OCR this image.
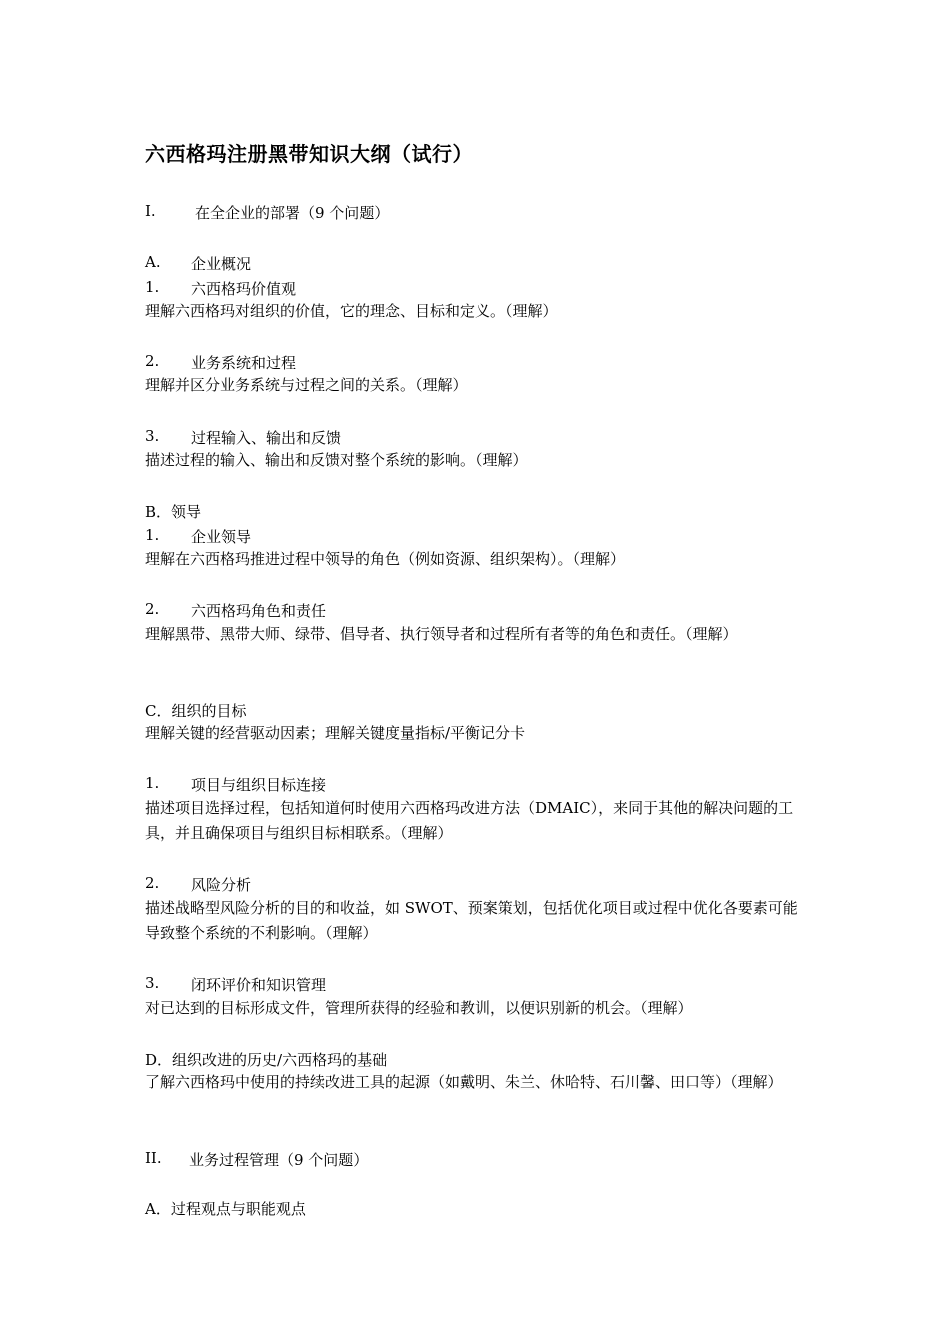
六西格玛注册黑带知识大纲（试行）
I.	在全企业的部署（9 个问题）
A. 企业概况
1. 六西格玛价值观
理解六西格玛对组织的价值，它的理念、目标和定义。（理解）
2. 业务系统和过程
理解并区分业务系统与过程之间的关系。（理解）
3. 过程输入、输出和反馈
描述过程的输入、输出和反馈对整个系统的影响。（理解）
B．领导
1. 企业领导
理解在六西格玛推进过程中领导的角色（例如资源、组织架构）。（理解）
2. 六西格玛角色和责任
理解黑带、黑带大师、绿带、倡导者、执行领导者和过程所有者等的角色和责任。（理解）
C．组织的目标
理解关键的经营驱动因素；理解关键度量指标/平衡记分卡
1. 项目与组织目标连接
描述项目选择过程，包括知道何时使用六西格玛改进方法（DMAIC），来同于其他的解决问题的工具，并且确保项目与组织目标相联系。（理解）
2. 风险分析
描述战略型风险分析的目的和收益，如 SWOT、预案策划，包括优化项目或过程中优化各要素可能导致整个系统的不利影响。（理解）
3. 闭环评价和知识管理
对已达到的目标形成文件，管理所获得的经验和教训，以便识别新的机会。（理解）
D．组织改进的历史/六西格玛的基础
了解六西格玛中使用的持续改进工具的起源（如戴明、朱兰、休哈特、石川馨、田口等）（理解）
II. 业务过程管理（9 个问题）
A．过程观点与职能观点
